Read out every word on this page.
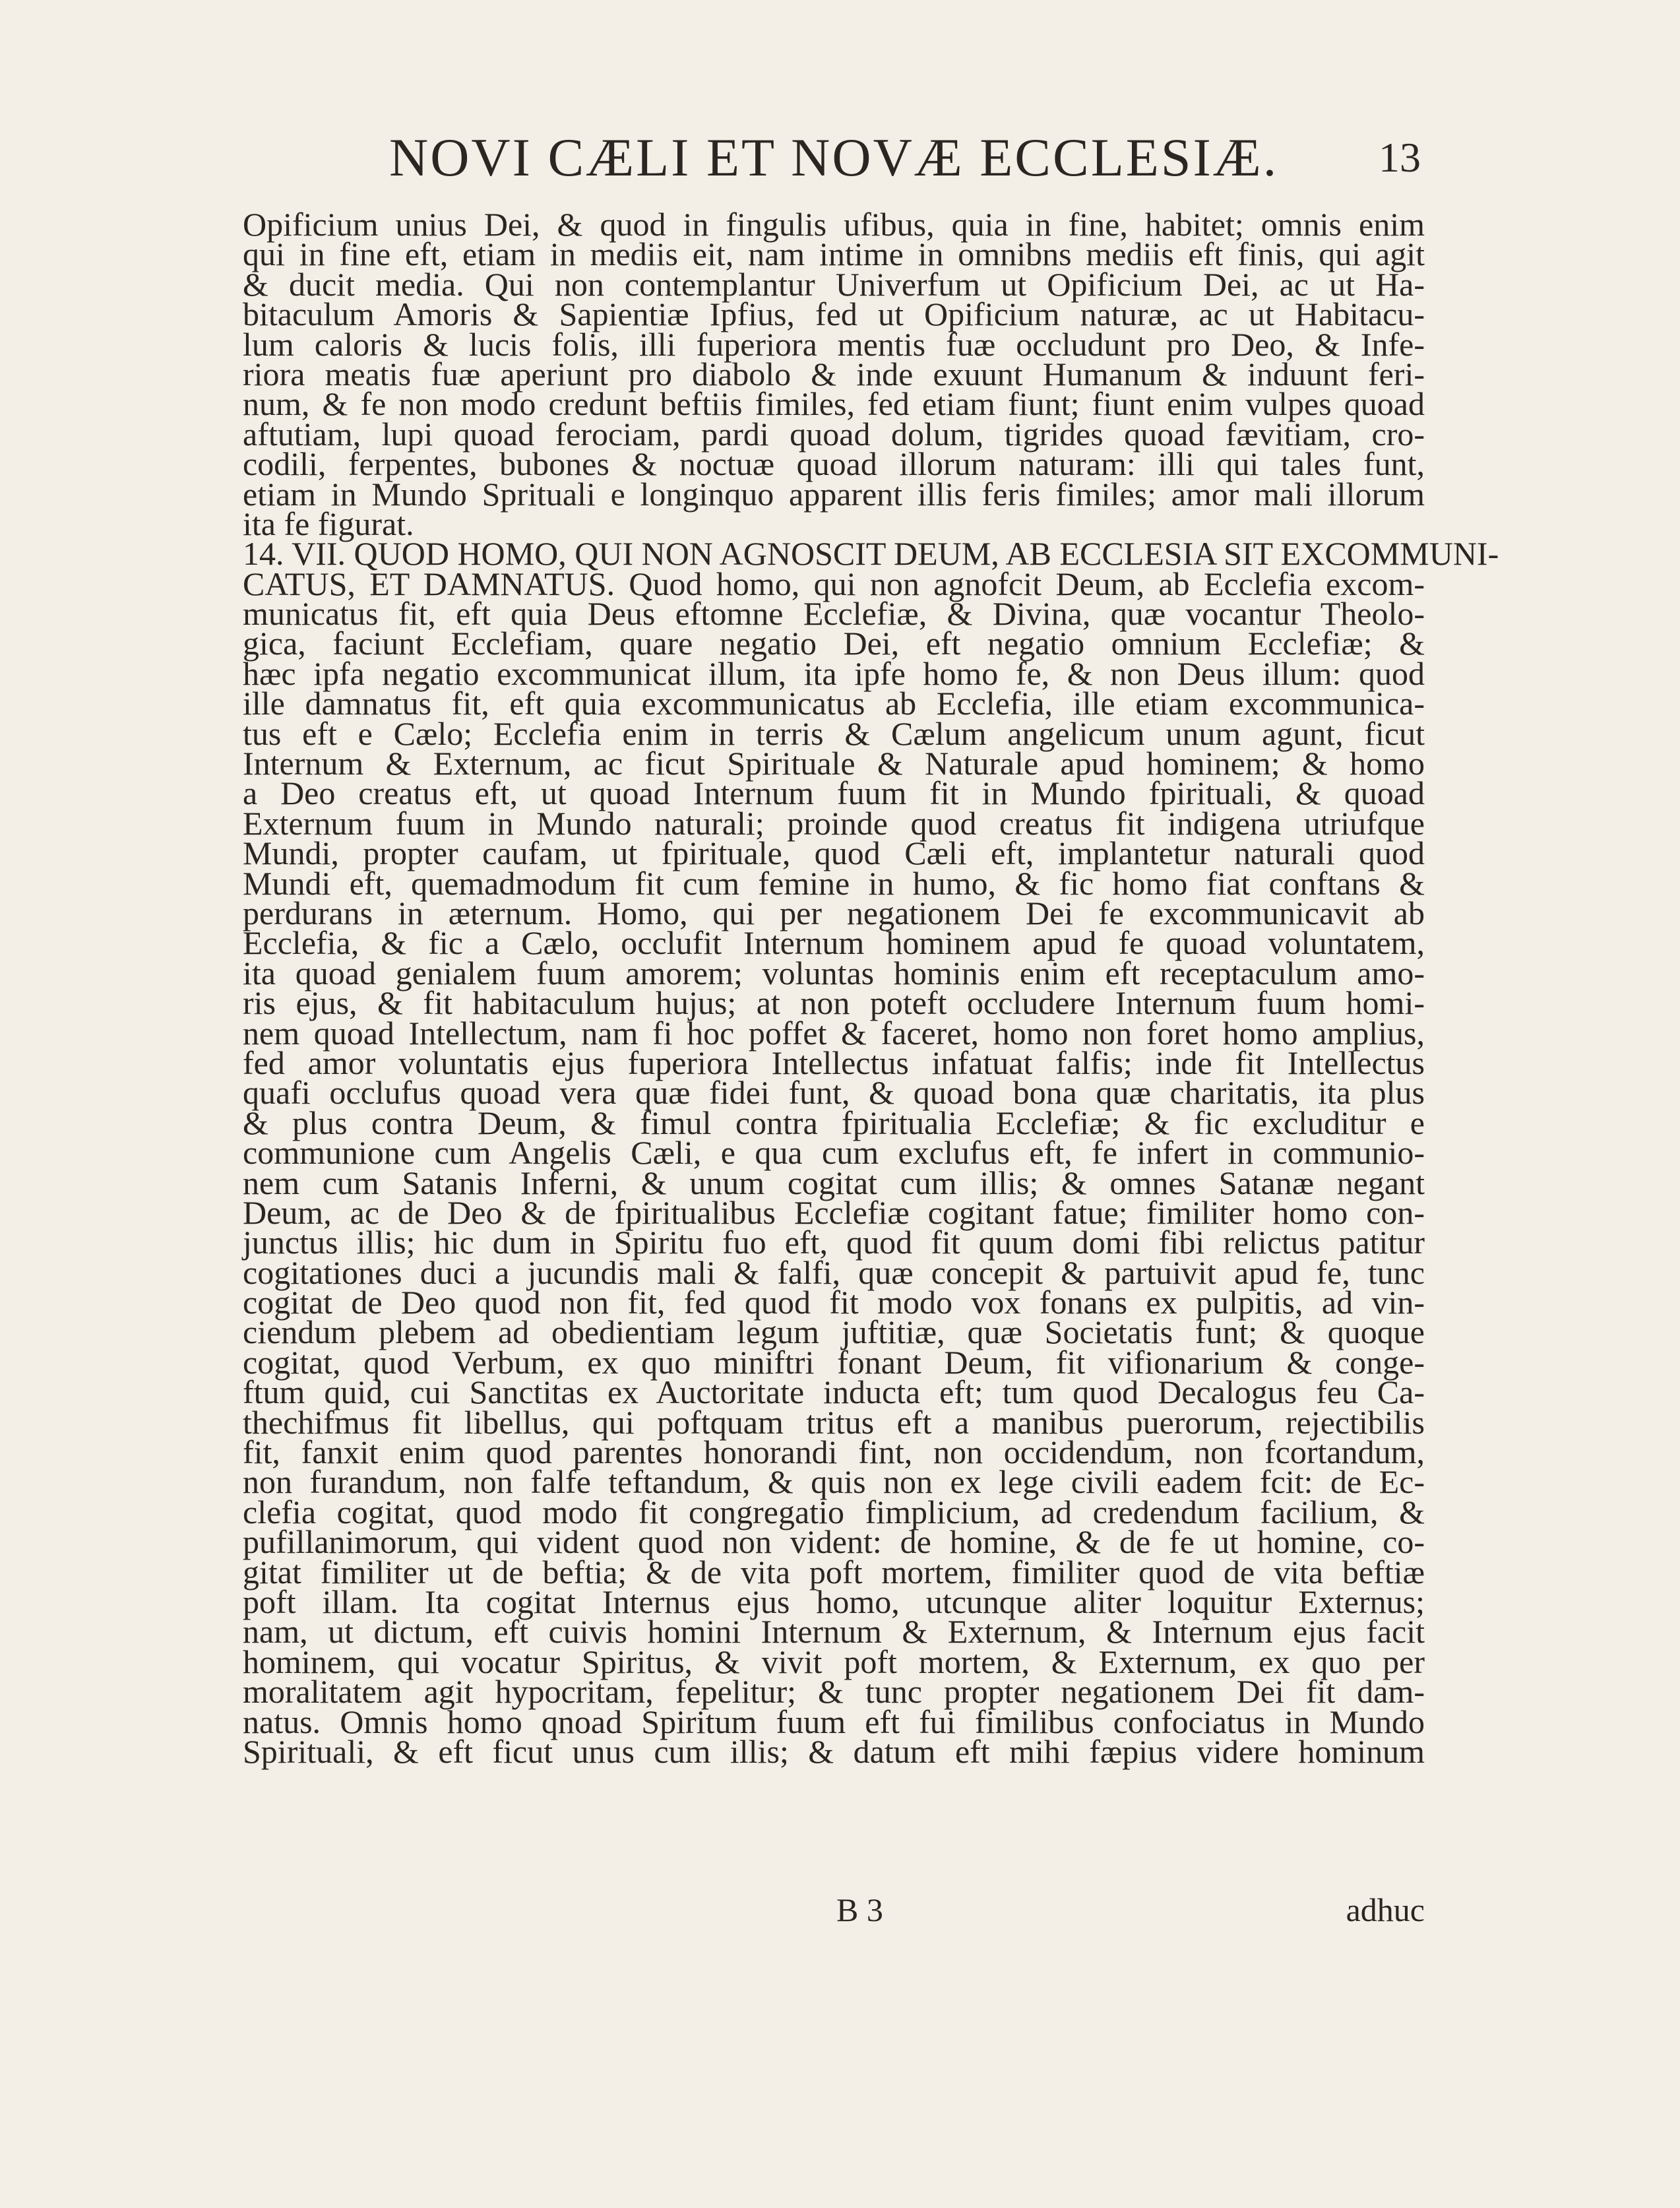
NOVI CÆLI ET NOVÆ ECCLESIÆ. 13
Opificium unius Dei, & quod in fingulis ufibus, quia in fine, habitet; omnis enim
qui in fine eft, etiam in mediis eit, nam intime in omnibns mediis eft finis, qui agit
& ducit media. Qui non contemplantur Univerfum ut Opificium Dei, ac ut Ha-
bitaculum Amoris & Sapientiæ Ipfius, fed ut Opificium naturæ, ac ut Habitacu-
lum caloris & lucis folis, illi fuperiora mentis fuæ occludunt pro Deo, & Infe-
riora meatis fuæ aperiunt pro diabolo & inde exuunt Humanum & induunt feri-
num, & fe non modo credunt beftiis fimiles, fed etiam fiunt; fiunt enim vulpes quoad
aftutiam, lupi quoad ferociam, pardi quoad dolum, tigrides quoad fævitiam, cro-
codili, ferpentes, bubones & noctuæ quoad illorum naturam: illi qui tales funt,
etiam in Mundo Sprituali e longinquo apparent illis feris fimiles; amor mali illorum
ita fe figurat.
14. VII. QUOD HOMO, QUI NON AGNOSCIT DEUM, AB ECCLESIA SIT EXCOMMUNI-
CATUS, ET DAMNATUS. Quod homo, qui non agnofcit Deum, ab Ecclefia excom-
municatus fit, eft quia Deus eftomne Ecclefiæ, & Divina, quæ vocantur Theolo-
gica, faciunt Ecclefiam, quare negatio Dei, eft negatio omnium Ecclefiæ; &
hæc ipfa negatio excommunicat illum, ita ipfe homo fe, & non Deus illum: quod
ille damnatus fit, eft quia excommunicatus ab Ecclefia, ille etiam excommunica-
tus eft e Cælo; Ecclefia enim in terris & Cælum angelicum unum agunt, ficut
Internum & Externum, ac ficut Spirituale & Naturale apud hominem; & homo
a Deo creatus eft, ut quoad Internum fuum fit in Mundo fpirituali, & quoad
Externum fuum in Mundo naturali; proinde quod creatus fit indigena utriufque
Mundi, propter caufam, ut fpirituale, quod Cæli eft, implantetur naturali quod
Mundi eft, quemadmodum fit cum femine in humo, & fic homo fiat conftans &
perdurans in æternum. Homo, qui per negationem Dei fe excommunicavit ab
Ecclefia, & fic a Cælo, occlufit Internum hominem apud fe quoad voluntatem,
ita quoad genialem fuum amorem; voluntas hominis enim eft receptaculum amo-
ris ejus, & fit habitaculum hujus; at non poteft occludere Internum fuum homi-
nem quoad Intellectum, nam fi hoc poffet & faceret, homo non foret homo amplius,
fed amor voluntatis ejus fuperiora Intellectus infatuat falfis; inde fit Intellectus
quafi occlufus quoad vera quæ fidei funt, & quoad bona quæ charitatis, ita plus
& plus contra Deum, & fimul contra fpiritualia Ecclefiæ; & fic excluditur e
communione cum Angelis Cæli, e qua cum exclufus eft, fe infert in communio-
nem cum Satanis Inferni, & unum cogitat cum illis; & omnes Satanæ negant
Deum, ac de Deo & de fpiritualibus Ecclefiæ cogitant fatue; fimiliter homo con-
junctus illis; hic dum in Spiritu fuo eft, quod fit quum domi fibi relictus patitur
cogitationes duci a jucundis mali & falfi, quæ concepit & partuivit apud fe, tunc
cogitat de Deo quod non fit, fed quod fit modo vox fonans ex pulpitis, ad vin-
ciendum plebem ad obedientiam legum juftitiæ, quæ Societatis funt; & quoque
cogitat, quod Verbum, ex quo miniftri fonant Deum, fit vifionarium & conge-
ftum quid, cui Sanctitas ex Auctoritate inducta eft; tum quod Decalogus feu Ca-
thechifmus fit libellus, qui poftquam tritus eft a manibus puerorum, rejectibilis
fit, fanxit enim quod parentes honorandi fint, non occidendum, non fcortandum,
non furandum, non falfe teftandum, & quis non ex lege civili eadem fcit: de Ec-
clefia cogitat, quod modo fit congregatio fimplicium, ad credendum facilium, &
pufillanimorum, qui vident quod non vident: de homine, & de fe ut homine, co-
gitat fimiliter ut de beftia; & de vita poft mortem, fimiliter quod de vita beftiæ
poft illam. Ita cogitat Internus ejus homo, utcunque aliter loquitur Externus;
nam, ut dictum, eft cuivis homini Internum & Externum, & Internum ejus facit
hominem, qui vocatur Spiritus, & vivit poft mortem, & Externum, ex quo per
moralitatem agit hypocritam, fepelitur; & tunc propter negationem Dei fit dam-
natus. Omnis homo qnoad Spiritum fuum eft fui fimilibus confociatus in Mundo
Spirituali, & eft ficut unus cum illis; & datum eft mihi fæpius videre hominum
B 3	adhuc
